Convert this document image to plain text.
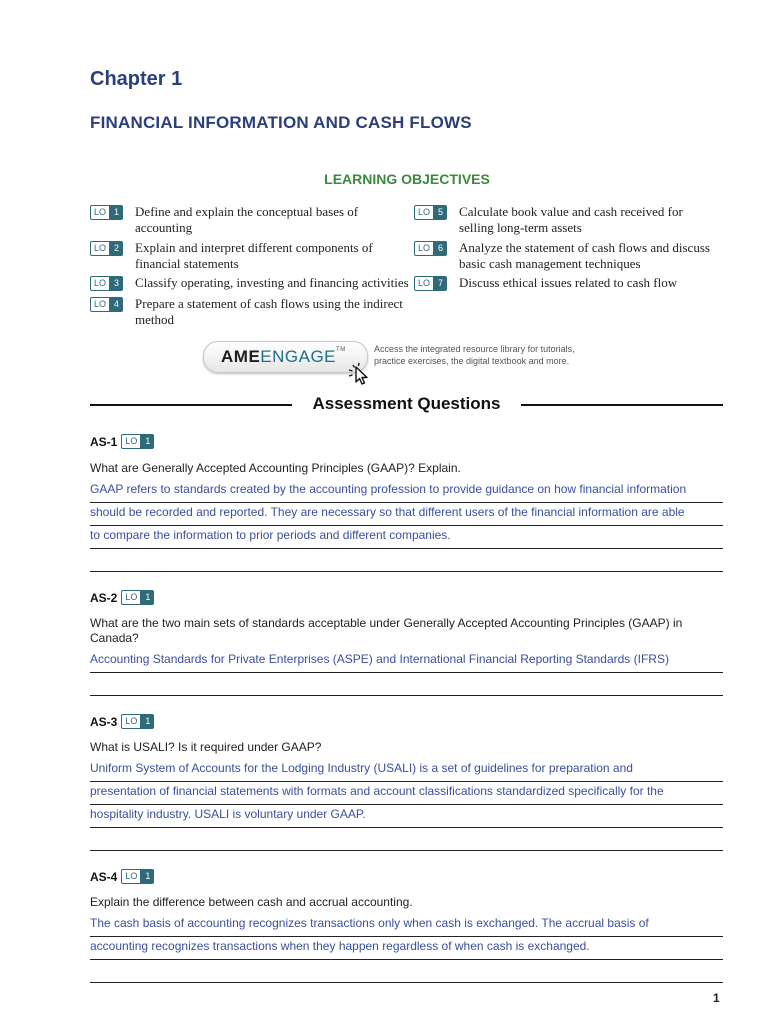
Chapter 1
FINANCIAL INFORMATION AND CASH FLOWS
LEARNING OBJECTIVES
LO 1	Define and explain the conceptual bases of accounting
LO 2	Explain and interpret different components of financial statements
LO 3	Classify operating, investing and financing activities
LO 4	Prepare a statement of cash flows using the indirect method
LO 5	Calculate book value and cash received for selling long-term assets
LO 6	Analyze the statement of cash flows and discuss basic cash management techniques
LO 7	Discuss ethical issues related to cash flow
AMEENGAGE™	Access the integrated resource library for tutorials,
practice exercises, the digital textbook and more.
Assessment Questions
AS-1 LO 1
What are Generally Accepted Accounting Principles (GAAP)? Explain.
GAAP refers to standards created by the accounting profession to provide guidance on how financial information
should be recorded and reported. They are necessary so that different users of the financial information are able
to compare the information to prior periods and different companies.
AS-2 LO 1
What are the two main sets of standards acceptable under Generally Accepted Accounting Principles (GAAP) in Canada?
Accounting Standards for Private Enterprises (ASPE) and International Financial Reporting Standards (IFRS)
AS-3 LO 1
What is USALI? Is it required under GAAP?
Uniform System of Accounts for the Lodging Industry (USALI) is a set of guidelines for preparation and
presentation of financial statements with formats and account classifications standardized specifically for the
hospitality industry. USALI is voluntary under GAAP.
AS-4 LO 1
Explain the difference between cash and accrual accounting.
The cash basis of accounting recognizes transactions only when cash is exchanged. The accrual basis of
accounting recognizes transactions when they happen regardless of when cash is exchanged.
1
